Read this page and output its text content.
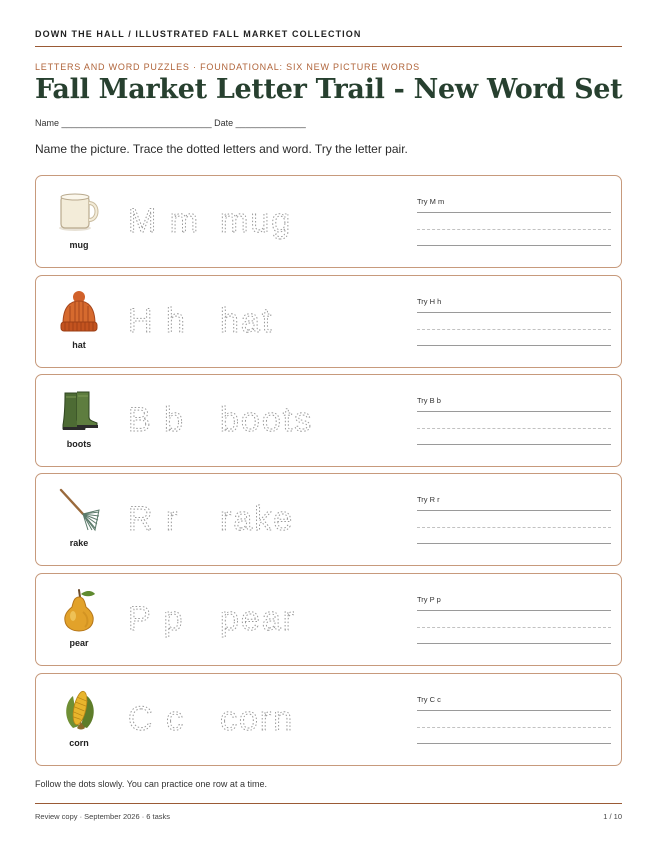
DOWN THE HALL / ILLUSTRATED FALL MARKET COLLECTION
LETTERS AND WORD PUZZLES · FOUNDATIONAL: SIX NEW PICTURE WORDS
Fall Market Letter Trail - New Word Set
Name ______________________________ Date ______________
Name the picture. Trace the dotted letters and word. Try the letter pair.
mug
Try M m
hat
Try H h
boots
Try B b
rake
Try R r
pear
Try P p
corn
Try C c
Follow the dots slowly. You can practice one row at a time.
Review copy · September 2026 · 6 tasks	1 / 10
